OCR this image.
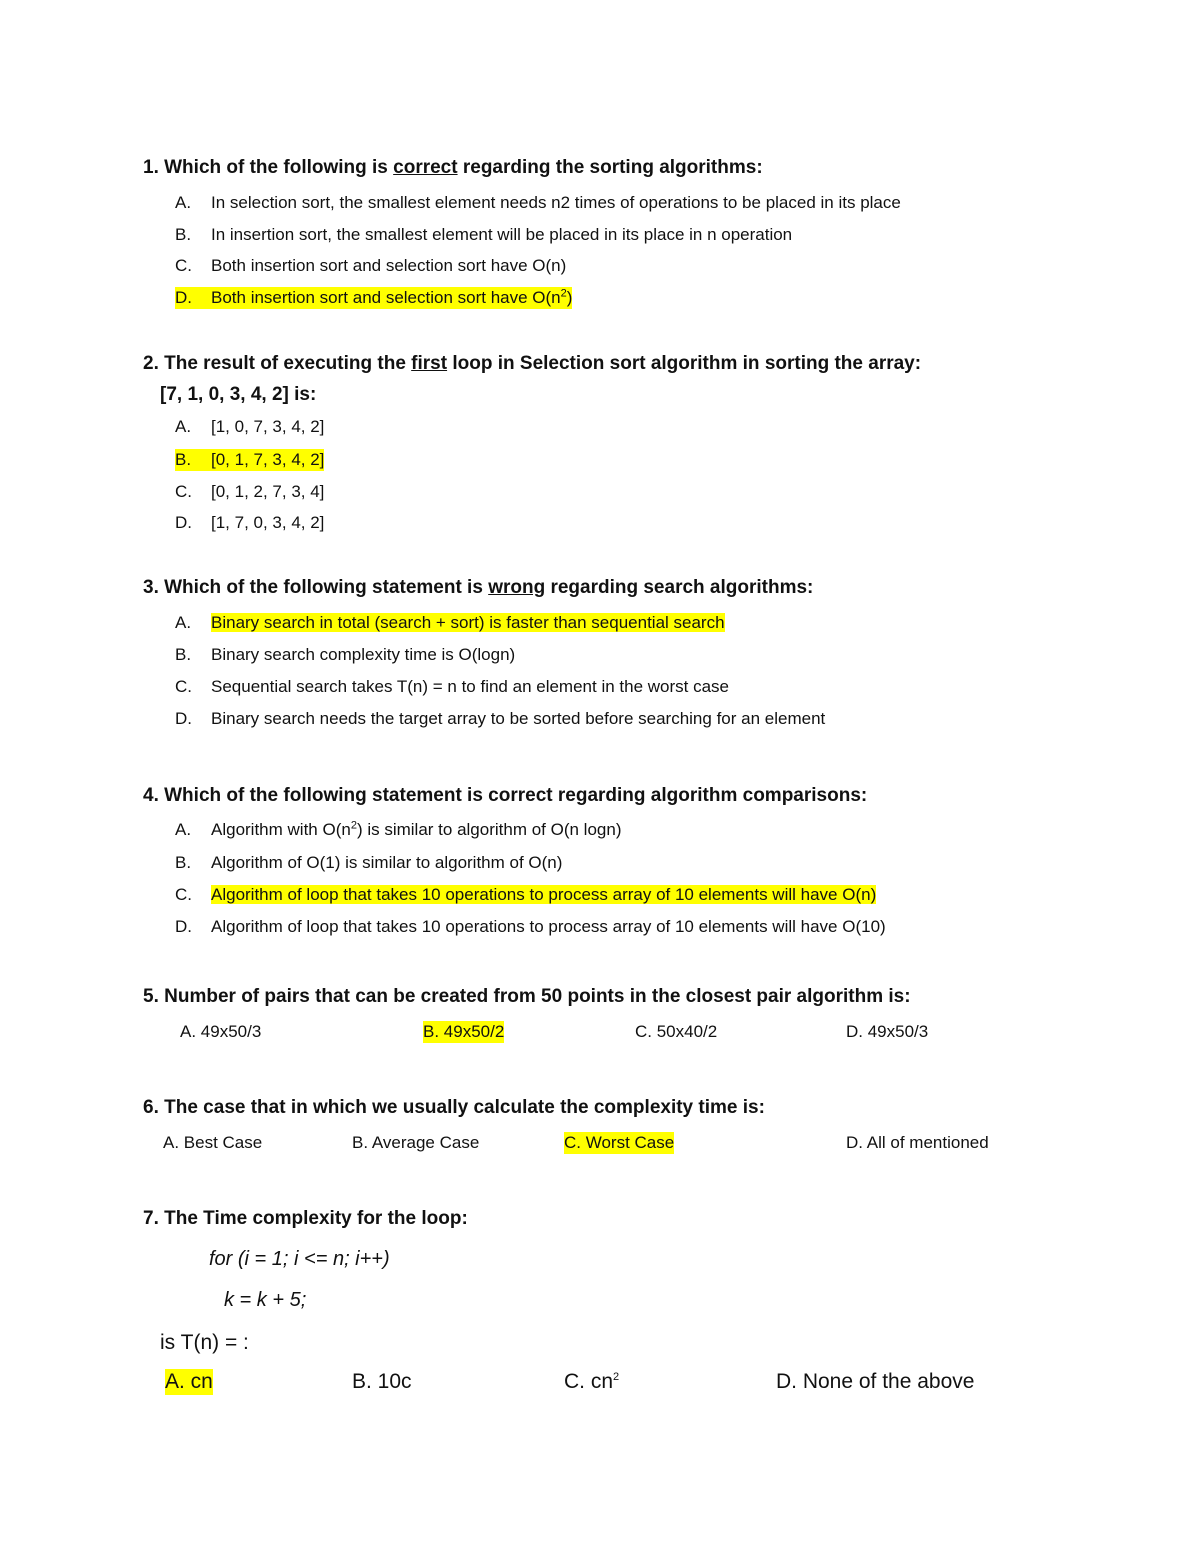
1. Which of the following is correct regarding the sorting algorithms:
A. In selection sort, the smallest element needs n2 times of operations to be placed in its place
B. In insertion sort, the smallest element will be placed in its place in n operation
C. Both insertion sort and selection sort have O(n)
D. Both insertion sort and selection sort have $O(n^2)$
2. The result of executing the first loop in Selection sort algorithm in sorting the array:
[7, 1, 0, 3, 4, 2] is:
A. [1, 0, 7, 3, 4, 2]
B. [0, 1, 7, 3, 4, 2]
C. [0, 1, 2, 7, 3, 4]
D. [1, 7, 0, 3, 4, 2]
3. Which of the following statement is wrong regarding search algorithms:
A. Binary search in total (search + sort) is faster than sequential search
B. Binary search complexity time is O(logn)
C. Sequential search takes T(n) = n to find an element in the worst case
D. Binary search needs the target array to be sorted before searching for an element
4. Which of the following statement is correct regarding algorithm comparisons:
A. Algorithm with $O(n^2)$ is similar to algorithm of O(n logn)
B. Algorithm of O(1) is similar to algorithm of O(n)
C. Algorithm of loop that takes 10 operations to process array of 10 elements will have O(n)
D. Algorithm of loop that takes 10 operations to process array of 10 elements will have O(10)
5. Number of pairs that can be created from 50 points in the closest pair algorithm is:
A. 49x50/3	B. 49x50/2	C. 50x40/2	D. 49x50/3
6. The case that in which we usually calculate the complexity time is:
A. Best Case	B. Average Case	C. Worst Case	D. All of mentioned
7. The Time complexity for the loop:
for (i = 1; i <= n; i++)
k = k + 5;
is T(n) = :
A. cn	B. 10c	C. $cn^2$	D. None of the above
